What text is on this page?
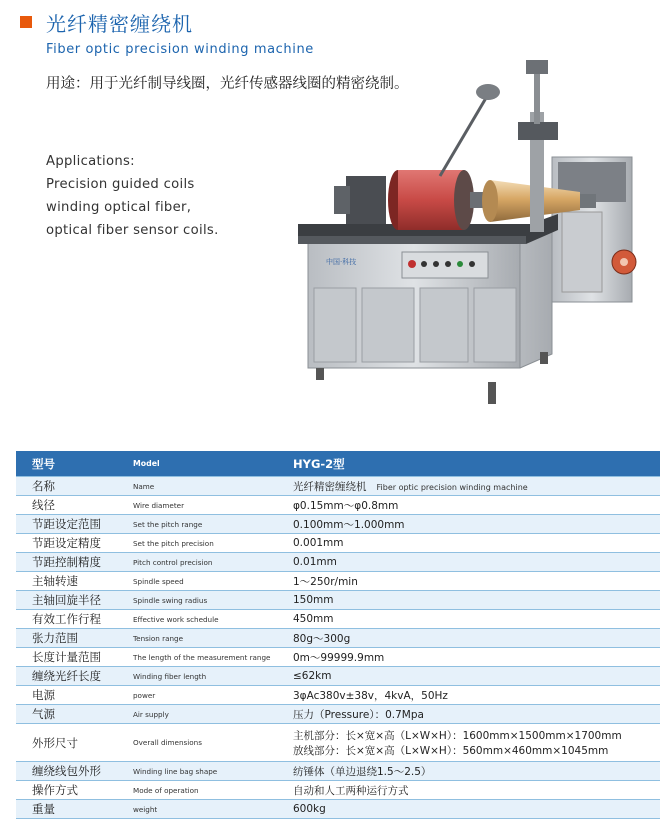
光纤精密缠绕机
Fiber optic precision winding machine
用途：用于光纤制导线圈，光纤传感器线圈的精密绕制。
Applications:
Precision guided coils
winding optical fiber,
optical fiber sensor coils.
中国·科技
型号	Model	HYG-2型
名称	Name	光纤精密缠绕机 Fiber optic precision winding machine
线径	Wire diameter	φ0.15mm～φ0.8mm
节距设定范围	Set the pitch range	0.100mm～1.000mm
节距设定精度	Set the pitch precision	0.001mm
节距控制精度	Pitch control precision	0.01mm
主轴转速	Spindle speed	1～250r/min
主轴回旋半径	Spindle swing radius	150mm
有效工作行程	Effective work schedule	450mm
张力范围	Tension range	80g～300g
长度计量范围	The length of the measurement range	0m～99999.9mm
缠绕光纤长度	Winding fiber length	≤62km
电源	power	3φAc380v±38v，4kvA，50Hz
气源	Air supply	压力（Pressure）：0.7Mpa
外形尺寸	Overall dimensions	主机部分：长×宽×高（L×W×H）：1600mm×1500mm×1700mm
放线部分：长×宽×高（L×W×H）：560mm×460mm×1045mm

缠绕线包外形	Winding line bag shape	纺锤体（单边退绕1.5～2.5）
操作方式	Mode of operation	自动和人工两种运行方式
重量	weight	600kg
